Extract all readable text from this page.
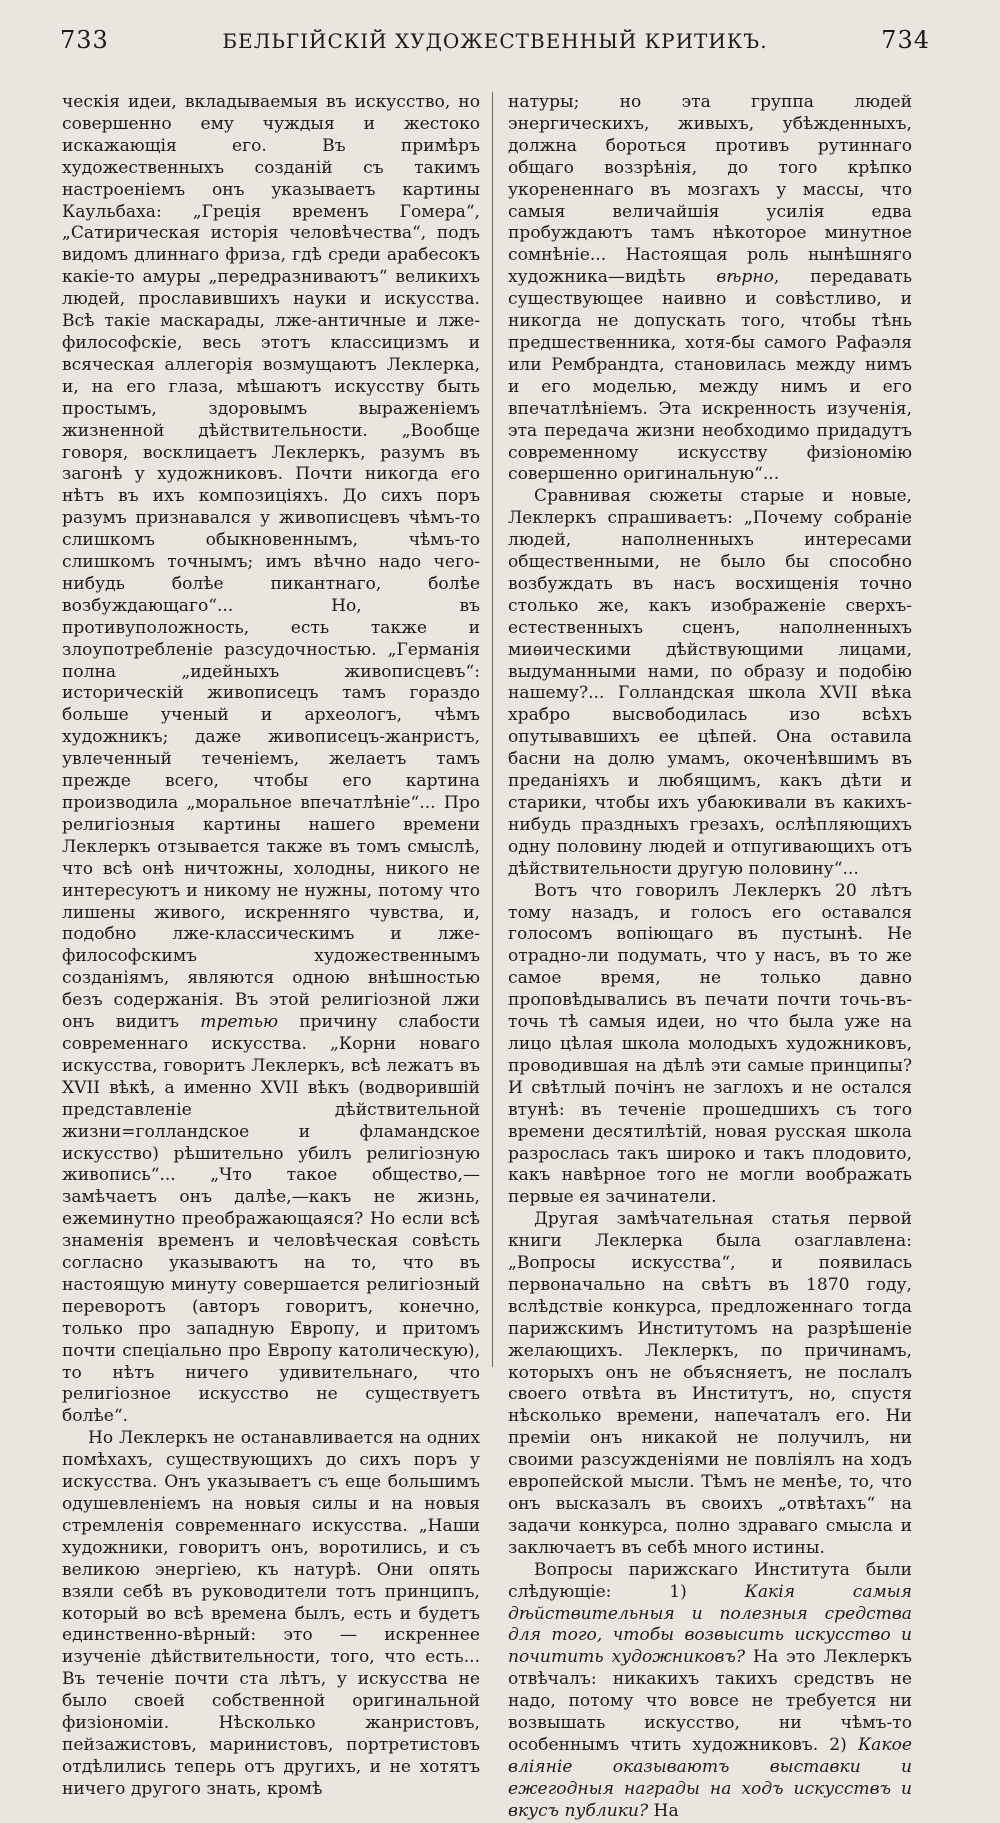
733	БЕЛЬГІЙСКІЙ ХУДОЖЕСТВЕННЫЙ КРИТИКЪ.	734

ческія идеи, вкладываемыя въ искусство, но совершенно ему чуждыя и жестоко искажающія его. Въ примѣръ художественныхъ созданій съ такимъ настроеніемъ онъ указываетъ картины Каульбаха: „Греція временъ Гомера“, „Сатирическая исторія человѣчества“, подъ видомъ длиннаго фриза, гдѣ среди арабесокъ какіе-то амуры „передразниваютъ“ великихъ людей, прославившихъ науки и искусства. Всѣ такіе маскарады, лже-античные и лже-философскіе, весь этотъ классицизмъ и всяческая аллегорія возмущаютъ Леклерка, и, на его глаза, мѣшаютъ искусству быть простымъ, здоровымъ выраженіемъ жизненной дѣйствительности. „Вообще говоря, восклицаетъ Леклеркъ, разумъ въ загонѣ у художниковъ. Почти никогда его нѣтъ въ ихъ композиціяхъ. До сихъ поръ разумъ признавался у живописцевъ чѣмъ-то слишкомъ обыкновеннымъ, чѣмъ-то слишкомъ точнымъ; имъ вѣчно надо чего-нибудь болѣе пикантнаго, болѣе возбуждающаго“... Но, въ противуположность, есть также и злоупотребленіе разсудочностью. „Германія полна „идейныхъ живописцевъ“: историческій живописецъ тамъ гораздо больше ученый и археологъ, чѣмъ художникъ; даже живописецъ-жанристъ, увлеченный теченіемъ, желаетъ тамъ прежде всего, чтобы его картина производила „моральное впечатлѣніе“... Про религіозныя картины нашего времени Леклеркъ отзывается также въ томъ смыслѣ, что всѣ онѣ ничтожны, холодны, никого не интересуютъ и никому не нужны, потому что лишены живого, искренняго чувства, и, подобно лже-классическимъ и лже-философскимъ художественнымъ созданіямъ, являются одною внѣшностью безъ содержанія. Въ этой религіозной лжи онъ видитъ третью причину слабости современнаго искусства. „Корни новаго искусства, говоритъ Леклеркъ, всѣ лежатъ въ XVII вѣкѣ, а именно XVII вѣкъ (водворившій представленіе дѣйствительной жизни=голландское и фламандское искусство) рѣшительно убилъ религіозную живопись“... „Что такое общество,—замѣчаетъ онъ далѣе,—какъ не жизнь, ежеминутно преображающаяся? Но если всѣ знаменія временъ и человѣческая совѣсть согласно указываютъ на то, что въ настоящую минуту совершается религіозный переворотъ (авторъ говоритъ, конечно, только про западную Европу, и притомъ почти спеціально про Европу католическую), то нѣтъ ничего удивительнаго, что религіозное искусство не существуетъ болѣе“.

Но Леклеркъ не останавливается на одних помѣхахъ, существующихъ до сихъ поръ у искусства. Онъ указываетъ съ еще большимъ одушевленіемъ на новыя силы и на новыя стремленія современнаго искусства. „Наши художники, говоритъ онъ, воротились, и съ великою энергіею, къ натурѣ. Они опять взяли себѣ въ руководители тотъ принципъ, который во всѣ времена былъ, есть и будетъ единственно-вѣрный: это — искреннее изученіе дѣйствительности, того, что есть... Въ теченіе почти ста лѣтъ, у искусства не было своей собственной оригинальной физіономіи. Нѣсколько жанристовъ, пейзажистовъ, маринистовъ, портретистовъ отдѣлились теперь отъ другихъ, и не хотятъ ничего другого знать, кромѣ

натуры; но эта группа людей энергическихъ, живыхъ, убѣжденныхъ, должна бороться противъ рутиннаго общаго воззрѣнія, до того крѣпко укорененнаго въ мозгахъ у массы, что самыя величайшія усилія едва пробуждаютъ тамъ нѣкоторое минутное сомнѣніе... Настоящая роль нынѣшняго художника—видѣть вѣрно, передавать существующее наивно и совѣстливо, и никогда не допускать того, чтобы тѣнь предшественника, хотя-бы самого Рафаэля или Рембрандта, становилась между нимъ и его моделью, между нимъ и его впечатлѣніемъ. Эта искренность изученія, эта передача жизни необходимо придадутъ современному искусству физіономію совершенно оригинальную“...

Сравнивая сюжеты старые и новые, Леклеркъ спрашиваетъ: „Почему собраніе людей, наполненныхъ интересами общественными, не было бы способно возбуждать въ насъ восхищенія точно столько же, какъ изображеніе сверхъ-естественныхъ сценъ, наполненныхъ миѳическими дѣйствующими лицами, выдуманными нами, по образу и подобію нашему?... Голландская школа XVII вѣка храбро высвободилась изо всѣхъ опутывавшихъ ее цѣпей. Она оставила басни на долю умамъ, окоченѣвшимъ въ преданіяхъ и любящимъ, какъ дѣти и старики, чтобы ихъ убаюкивали въ какихъ-нибудь праздныхъ грезахъ, ослѣпляющихъ одну половину людей и отпугивающихъ отъ дѣйствительности другую половину“...

Вотъ что говорилъ Леклеркъ 20 лѣтъ тому назадъ, и голосъ его оставался голосомъ вопіющаго въ пустынѣ. Не отрадно-ли подумать, что у насъ, въ то же самое время, не только давно проповѣдывались въ печати почти точь-въ-точь тѣ самыя идеи, но что была уже на лицо цѣлая школа молодыхъ художниковъ, проводившая на дѣлѣ эти самые принципы? И свѣтлый почінъ не заглохъ и не остался втунѣ: въ теченіе прошедшихъ съ того времени десятилѣтій, новая русская школа разрослась такъ широко и такъ плодовито, какъ навѣрное того не могли воображать первые ея зачинатели.

Другая замѣчательная статья первой книги Леклерка была озаглавлена: „Вопросы искусства“, и появилась первоначально на свѣтъ въ 1870 году, вслѣдствіе конкурса, предложеннаго тогда парижскимъ Институтомъ на разрѣшеніе желающихъ. Леклеркъ, по причинамъ, которыхъ онъ не объясняетъ, не послалъ своего отвѣта въ Институтъ, но, спустя нѣсколько времени, напечаталъ его. Ни преміи онъ никакой не получилъ, ни своими разсужденіями не повліялъ на ходъ европейской мысли. Тѣмъ не менѣе, то, что онъ высказалъ въ своихъ „отвѣтахъ“ на задачи конкурса, полно здраваго смысла и заключаетъ въ себѣ много истины.

Вопросы парижскаго Института были слѣдующіе: 1) Какія самыя дѣйствительныя и полезныя средства для того, чтобы возвысить искусство и почитить художниковъ? На это Леклеркъ отвѣчалъ: никакихъ такихъ средствъ не надо, потому что вовсе не требуется ни возвышать искусство, ни чѣмъ-то особеннымъ чтить художниковъ. 2) Какое вліяніе оказываютъ выставки и ежегодныя награды на ходъ искусствъ и вкусъ публики? На
